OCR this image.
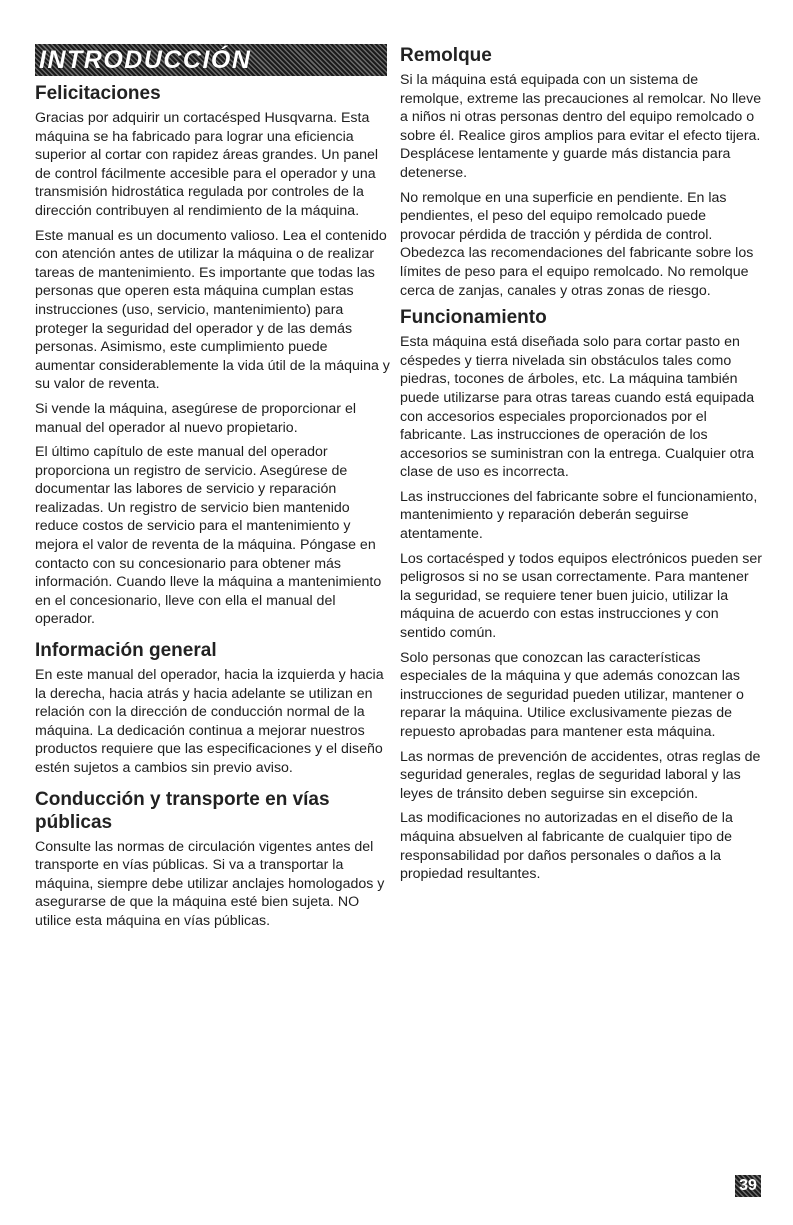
INTRODUCCIÓN
Felicitaciones

Gracias por adquirir un cortacésped Husqvarna. Esta máquina se ha fabricado para lograr una eficiencia superior al cortar con rapidez áreas grandes. Un panel de control fácilmente accesible para el operador y una transmisión hidrostática regulada por controles de la dirección contribuyen al rendimiento de la máquina.

Este manual es un documento valioso. Lea el contenido con atención antes de utilizar la máquina o de realizar tareas de mantenimiento. Es importante que todas las personas que operen esta máquina cumplan estas instrucciones (uso, servicio, mantenimiento) para proteger la seguridad del operador y de las demás personas. Asimismo, este cumplimiento puede aumentar considerablemente la vida útil de la máquina y su valor de reventa.

Si vende la máquina, asegúrese de proporcionar el manual del operador al nuevo propietario.

El último capítulo de este manual del operador proporciona un registro de servicio. Asegúrese de documentar las labores de servicio y reparación realizadas. Un registro de servicio bien mantenido reduce costos de servicio para el mantenimiento y mejora el valor de reventa de la máquina. Póngase en contacto con su concesionario para obtener más información. Cuando lleve la máquina a mantenimiento en el concesionario, lleve con ella el manual del operador.

Información general

En este manual del operador, hacia la izquierda y hacia la derecha, hacia atrás y hacia adelante se utilizan en relación con la dirección de conducción normal de la máquina. La dedicación continua a mejorar nuestros productos requiere que las especificaciones y el diseño estén sujetos a cambios sin previo aviso.

Conducción y transporte en vías públicas

Consulte las normas de circulación vigentes antes del transporte en vías públicas. Si va a transportar la máquina, siempre debe utilizar anclajes homologados y asegurarse de que la máquina esté bien sujeta. NO utilice esta máquina en vías públicas.

Remolque

Si la máquina está equipada con un sistema de remolque, extreme las precauciones al remolcar. No lleve a niños ni otras personas dentro del equipo remolcado o sobre él. Realice giros amplios para evitar el efecto tijera. Desplácese lentamente y guarde más distancia para detenerse.

No remolque en una superficie en pendiente. En las pendientes, el peso del equipo remolcado puede provocar pérdida de tracción y pérdida de control. Obedezca las recomendaciones del fabricante sobre los límites de peso para el equipo remolcado. No remolque cerca de zanjas, canales y otras zonas de riesgo.

Funcionamiento

Esta máquina está diseñada solo para cortar pasto en céspedes y tierra nivelada sin obstáculos tales como piedras, tocones de árboles, etc. La máquina también puede utilizarse para otras tareas cuando está equipada con accesorios especiales proporcionados por el fabricante. Las instrucciones de operación de los accesorios se suministran con la entrega. Cualquier otra clase de uso es incorrecta.

Las instrucciones del fabricante sobre el funcionamiento, mantenimiento y reparación deberán seguirse atentamente.

Los cortacésped y todos equipos electrónicos pueden ser peligrosos si no se usan correctamente. Para mantener la seguridad, se requiere tener buen juicio, utilizar la máquina de acuerdo con estas instrucciones y con sentido común.

Solo personas que conozcan las características especiales de la máquina y que además conozcan las instrucciones de seguridad pueden utilizar, mantener o reparar la máquina. Utilice exclusivamente piezas de repuesto aprobadas para mantener esta máquina.

Las normas de prevención de accidentes, otras reglas de seguridad generales, reglas de seguridad laboral y las leyes de tránsito deben seguirse sin excepción.

Las modificaciones no autorizadas en el diseño de la máquina absuelven al fabricante de cualquier tipo de responsabilidad por daños personales o daños a la propiedad resultantes.

39
